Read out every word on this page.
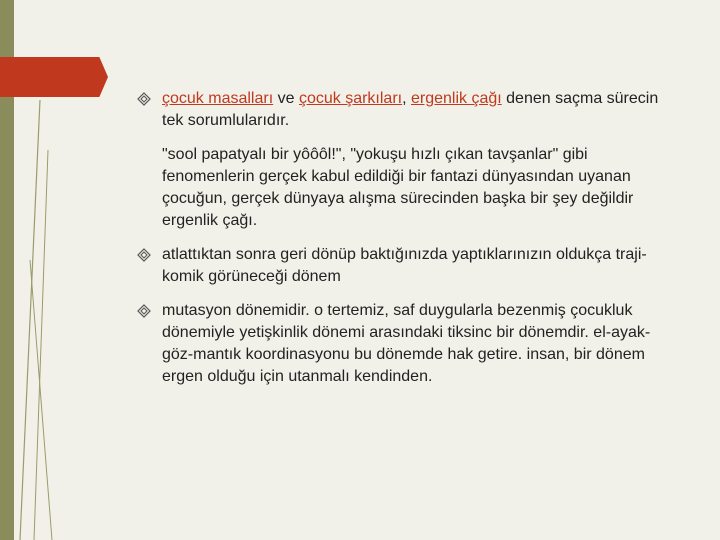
çocuk masalları ve çocuk şarkıları, ergenlik çağı denen saçma sürecin tek sorumlularıdır.
"sool papatyalı bir yôôôl!", "yokuşu hızlı çıkan tavşanlar" gibi fenomenlerin gerçek kabul edildiği bir fantazi dünyasından uyanan çocuğun, gerçek dünyaya alışma sürecinden başka bir şey değildir ergenlik çağı.
atlattıktan sonra geri dönüp baktığınızda yaptıklarınızın oldukça traji-komik görüneceği dönem
mutasyon dönemidir. o tertemiz, saf duygularla bezenmiş çocukluk dönemiyle yetişkinlik dönemi arasındaki tiksinc bir dönemdir. el-ayak-göz-mantık koordinasyonu bu dönemde hak getire. insan, bir dönem ergen olduğu için utanmalı kendinden.
